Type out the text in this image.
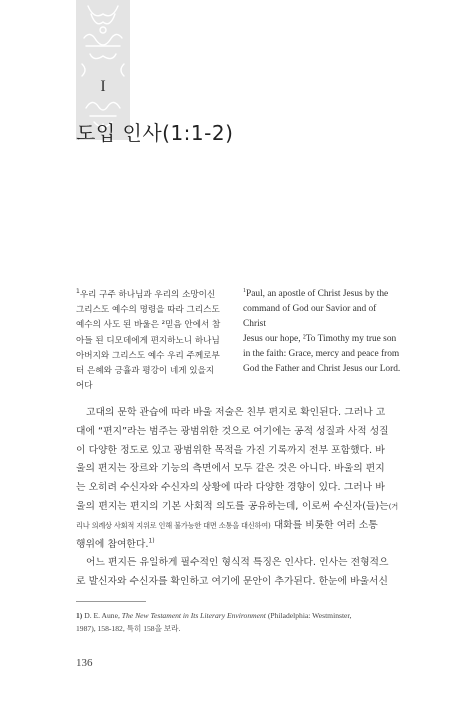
I
도입 인사(1:1-2)
$^1$우리 구주 하나님과 우리의 소망이신
그리스도 예수의 명령을 따라 그리스도
예수의 사도 된 바울은 ²믿음 안에서 참
아들 된 디모데에게 편지하노니 하나님
아버지와 그리스도 예수 우리 주께로부
터 은혜와 긍휼과 평강이 네게 있을지
어다
$^1$Paul, an apostle of Christ Jesus by the
command of God our Savior and of Christ
Jesus our hope, ²To Timothy my true son
in the faith: Grace, mercy and peace from
God the Father and Christ Jesus our Lord.

고대의 문학 관습에 따라 바울 저술은 친부 편지로 확인된다. 그러나 고
대에 “편지”라는 범주는 광범위한 것으로 여기에는 공적 성질과 사적 성질
이 다양한 정도로 있고 광범위한 목적을 가진 기록까지 전부 포함했다. 바
울의 편지는 장르와 기능의 측면에서 모두 같은 것은 아니다. 바울의 편지
는 오히려 수신자와 수신자의 상황에 따라 다양한 경향이 있다. 그러나 바
울의 편지는 편지의 기본 사회적 의도를 공유하는데, 이로써 수신자(들)는(거리나 의례상 사회적 지위로 인해 불가능한 대면 소통을 대신하여) 대화를 비롯한 여러 소통
행위에 참여한다.$^{1)}$

어느 편지든 유일하게 필수적인 형식적 특징은 인사다. 인사는 전형적으
로 발신자와 수신자를 확인하고 여기에 문안이 추가된다. 한눈에 바울서신

1) D. E. Aune, The New Testament in Its Literary Environment (Philadelphia: Westminster,
1987), 158-182, 특히 158을 보라.
136
